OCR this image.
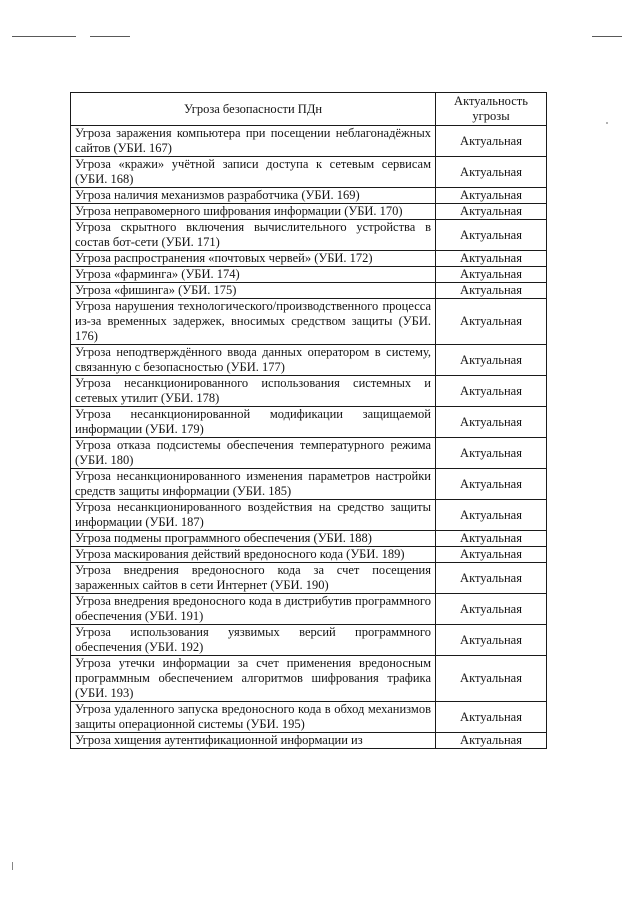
Угроза безопасности ПДн	Актуальность угрозы
Угроза заражения компьютера при посещении неблагонадёжных сайтов (УБИ. 167)	Актуальная
Угроза «кражи» учётной записи доступа к сетевым сервисам (УБИ. 168)	Актуальная
Угроза наличия механизмов разработчика (УБИ. 169)	Актуальная
Угроза неправомерного шифрования информации (УБИ. 170)	Актуальная
Угроза скрытного включения вычислительного устройства в состав бот-сети (УБИ. 171)	Актуальная
Угроза распространения «почтовых червей» (УБИ. 172)	Актуальная
Угроза «фарминга» (УБИ. 174)	Актуальная
Угроза «фишинга» (УБИ. 175)	Актуальная
Угроза нарушения технологического/производственного процесса из-за временных задержек, вносимых средством защиты (УБИ. 176)	Актуальная
Угроза неподтверждённого ввода данных оператором в систему, связанную с безопасностью (УБИ. 177)	Актуальная
Угроза несанкционированного использования системных и сетевых утилит (УБИ. 178)	Актуальная
Угроза несанкционированной модификации защищаемой информации (УБИ. 179)	Актуальная
Угроза отказа подсистемы обеспечения температурного режима (УБИ. 180)	Актуальная
Угроза несанкционированного изменения параметров настройки средств защиты информации (УБИ. 185)	Актуальная
Угроза несанкционированного воздействия на средство защиты информации (УБИ. 187)	Актуальная
Угроза подмены программного обеспечения (УБИ. 188)	Актуальная
Угроза маскирования действий вредоносного кода (УБИ. 189)	Актуальная
Угроза внедрения вредоносного кода за счет посещения зараженных сайтов в сети Интернет (УБИ. 190)	Актуальная
Угроза внедрения вредоносного кода в дистрибутив программного обеспечения (УБИ. 191)	Актуальная
Угроза использования уязвимых версий программного обеспечения (УБИ. 192)	Актуальная
Угроза утечки информации за счет применения вредоносным программным обеспечением алгоритмов шифрования трафика (УБИ. 193)	Актуальная
Угроза удаленного запуска вредоносного кода в обход механизмов защиты операционной системы (УБИ. 195)	Актуальная
Угроза хищения аутентификационной информации из	Актуальная
